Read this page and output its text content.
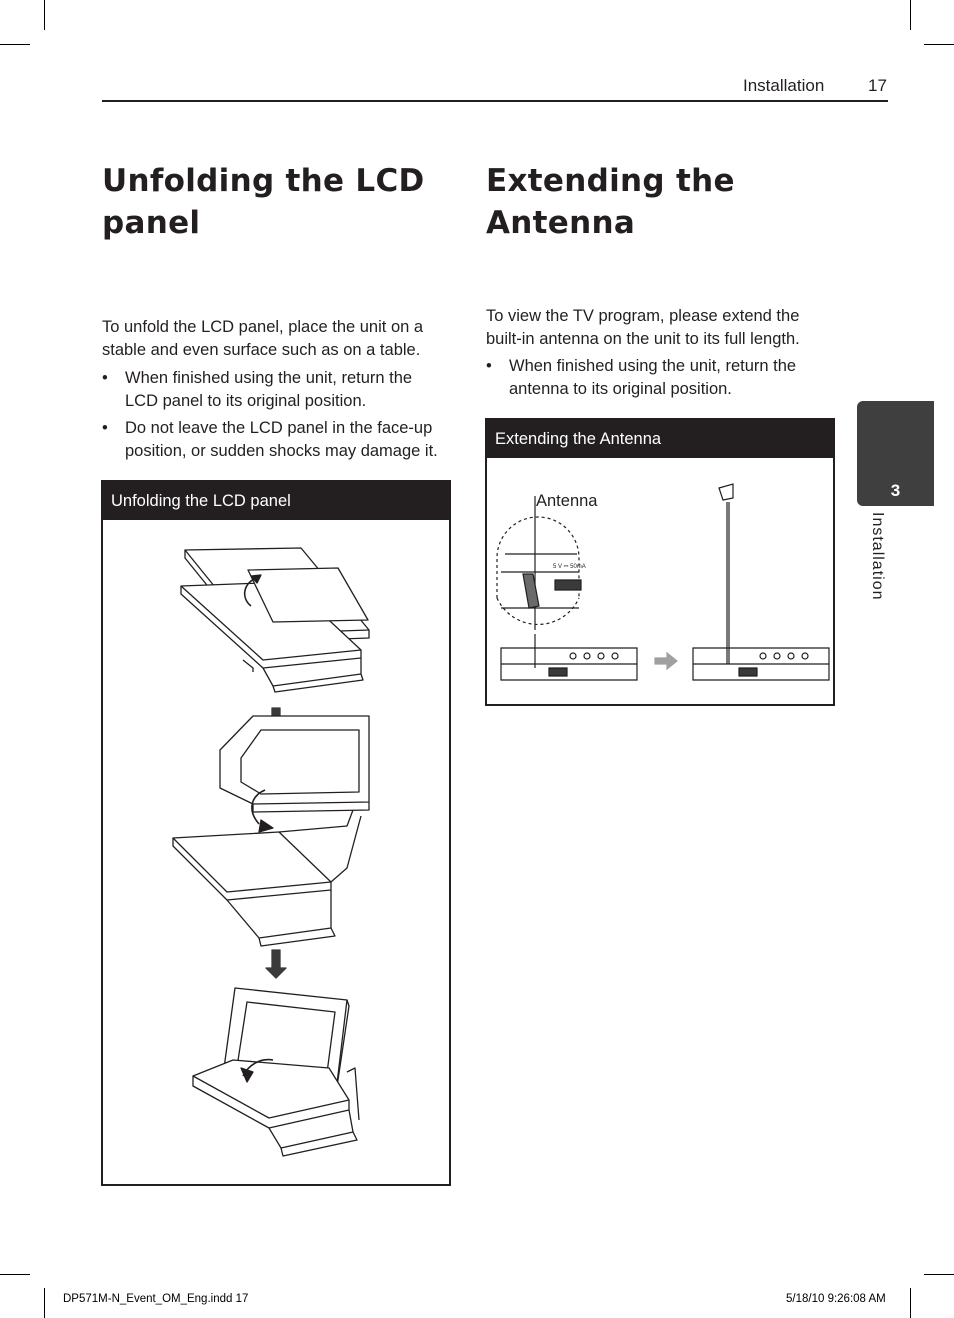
Installation	17
Unfolding the LCD
panel
To unfold the LCD panel, place the unit on a
stable and even surface such as on a table.
• When finished using the unit, return the
LCD panel to its original position.
• Do not leave the LCD panel in the face-up
position, or sudden shocks may damage it.
Unfolding the LCD panel
Extending the
Antenna
To view the TV program, please extend the
built-in antenna on the unit to its full length.
• When finished using the unit, return the
antenna to its original position.
Extending the Antenna
Antenna
5 V ⎓ 50mA
3
Installation
DP571M-N_Event_OM_Eng.indd 17	5/18/10 9:26:08 AM
